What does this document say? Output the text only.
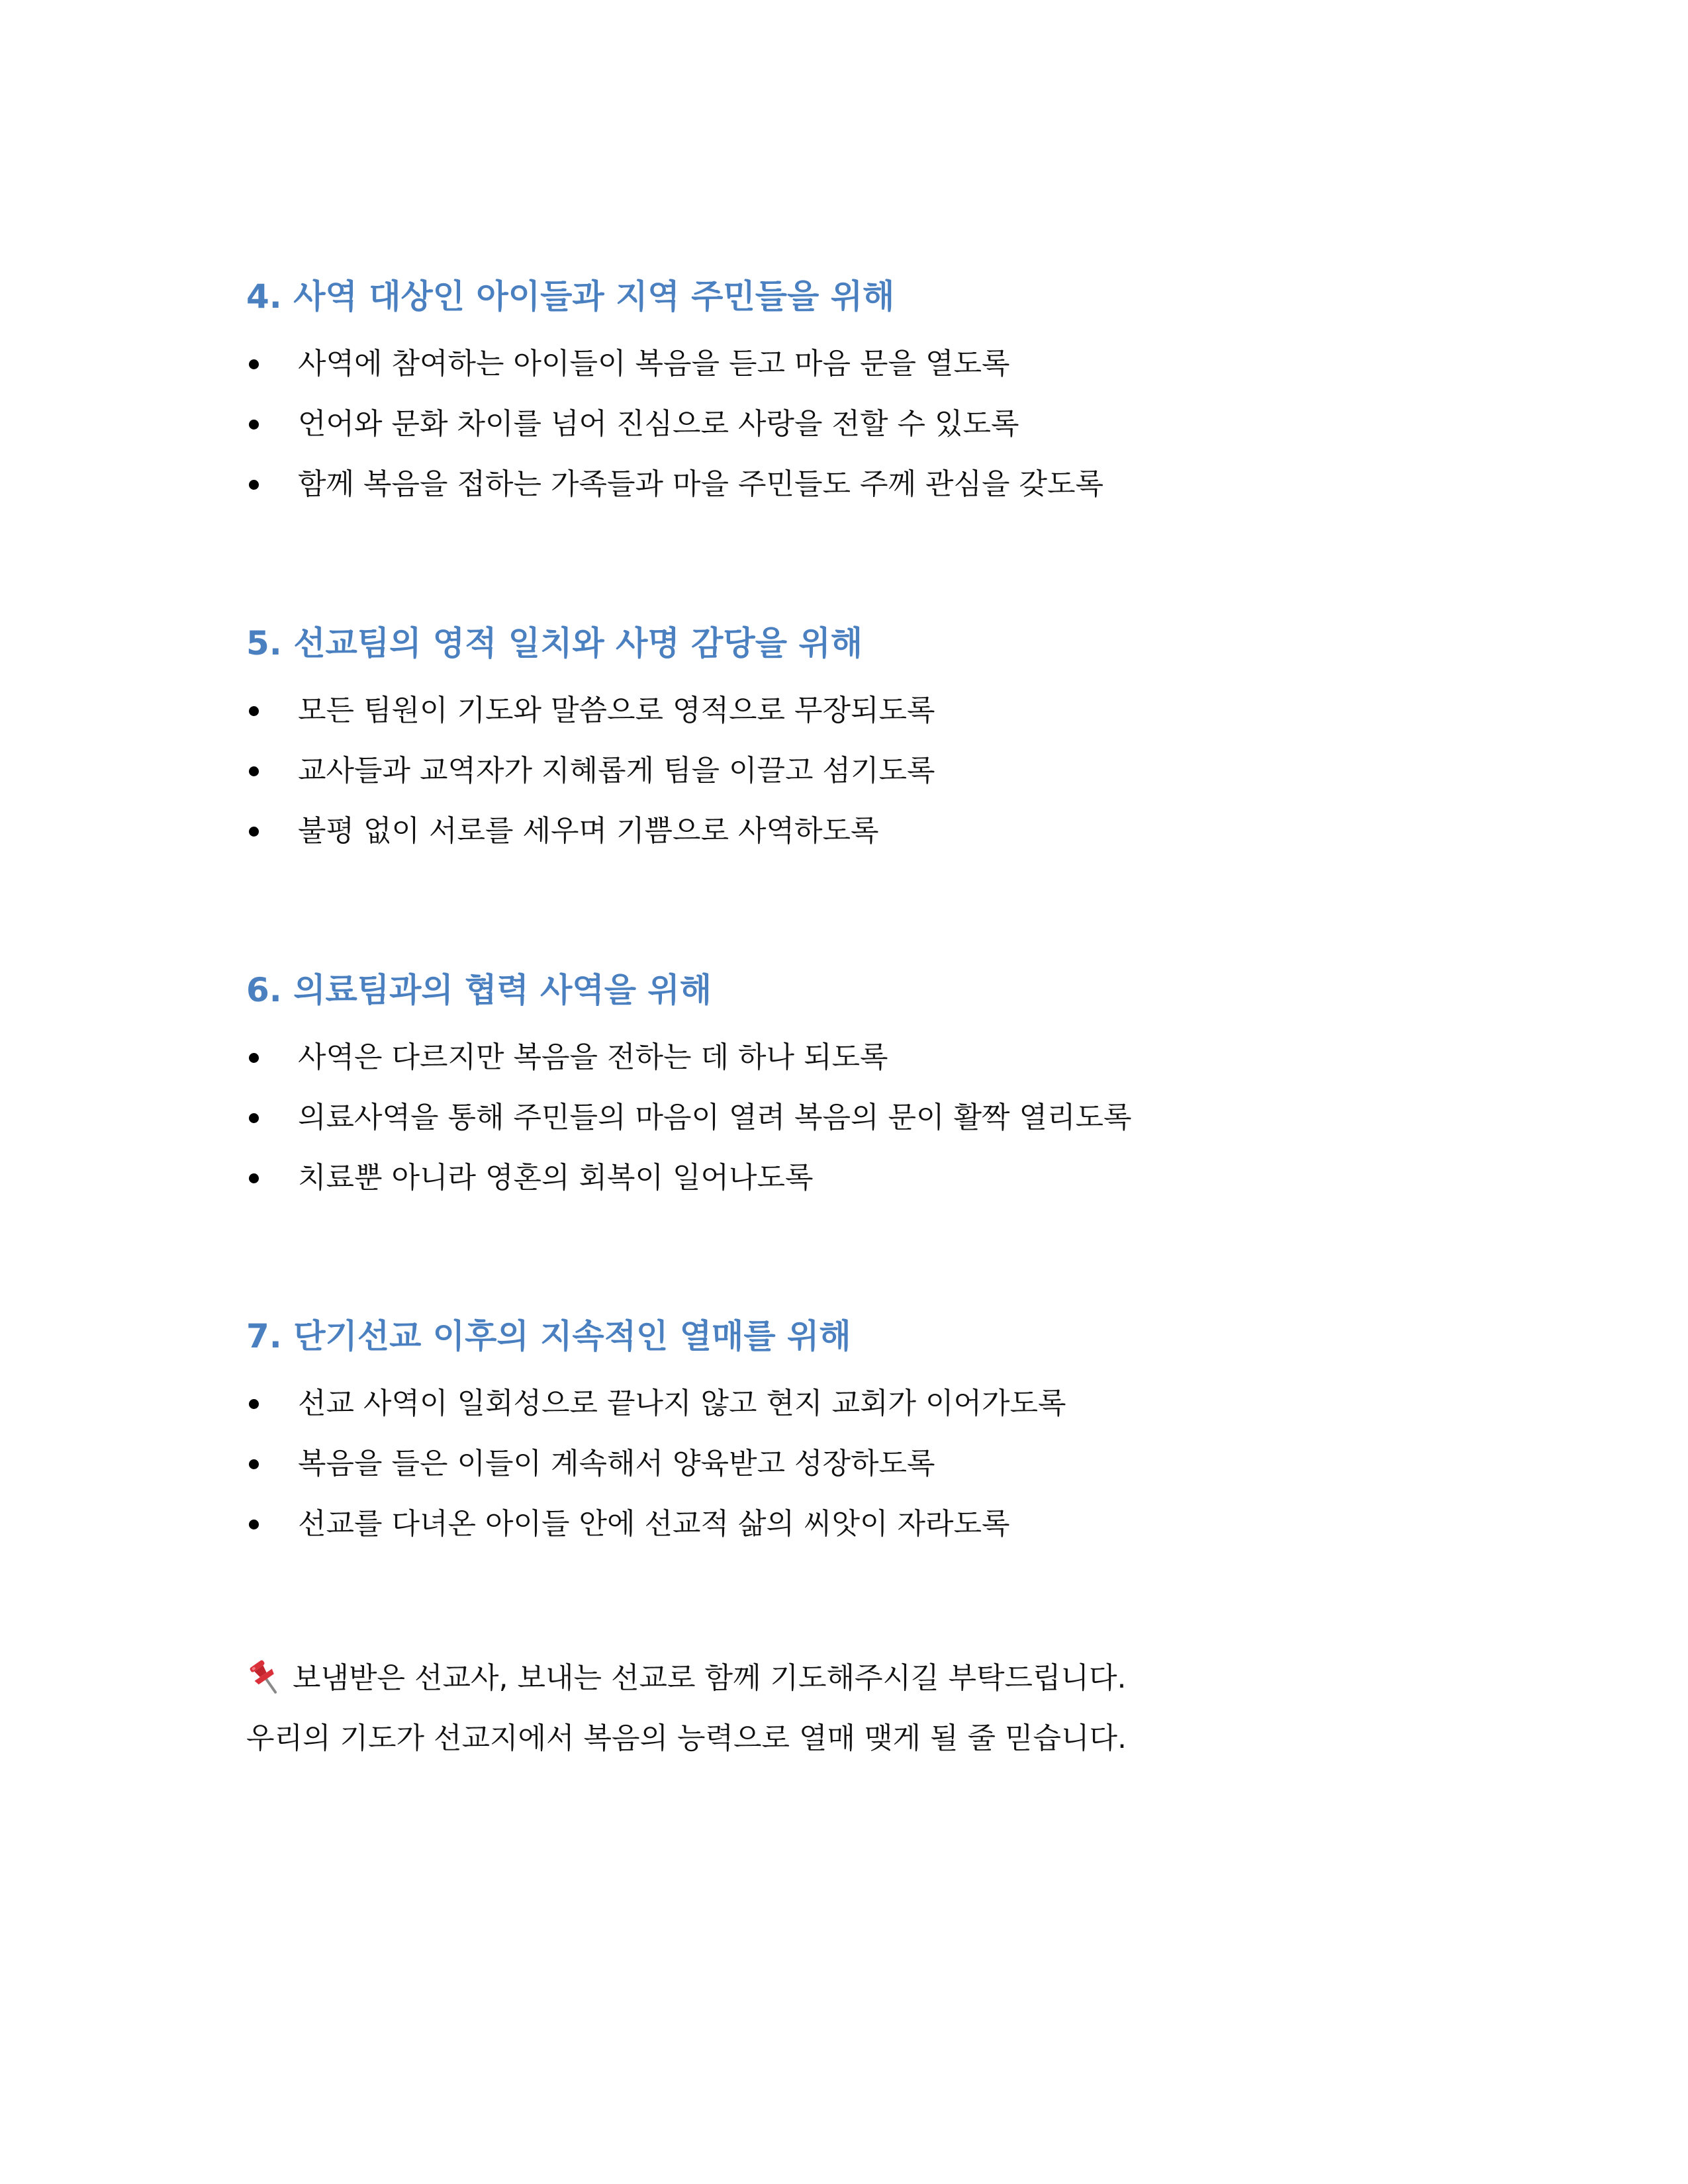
4. 사역 대상인 아이들과 지역 주민들을 위해
사역에 참여하는 아이들이 복음을 듣고 마음 문을 열도록
언어와 문화 차이를 넘어 진심으로 사랑을 전할 수 있도록
함께 복음을 접하는 가족들과 마을 주민들도 주께 관심을 갖도록
5. 선교팀의 영적 일치와 사명 감당을 위해
모든 팀원이 기도와 말씀으로 영적으로 무장되도록
교사들과 교역자가 지혜롭게 팀을 이끌고 섬기도록
불평 없이 서로를 세우며 기쁨으로 사역하도록
6. 의료팀과의 협력 사역을 위해
사역은 다르지만 복음을 전하는 데 하나 되도록
의료사역을 통해 주민들의 마음이 열려 복음의 문이 활짝 열리도록
치료뿐 아니라 영혼의 회복이 일어나도록
7. 단기선교 이후의 지속적인 열매를 위해
선교 사역이 일회성으로 끝나지 않고 현지 교회가 이어가도록
복음을 들은 이들이 계속해서 양육받고 성장하도록
선교를 다녀온 아이들 안에 선교적 삶의 씨앗이 자라도록
보냄받은 선교사, 보내는 선교로 함께 기도해주시길 부탁드립니다.
우리의 기도가 선교지에서 복음의 능력으로 열매 맺게 될 줄 믿습니다.
